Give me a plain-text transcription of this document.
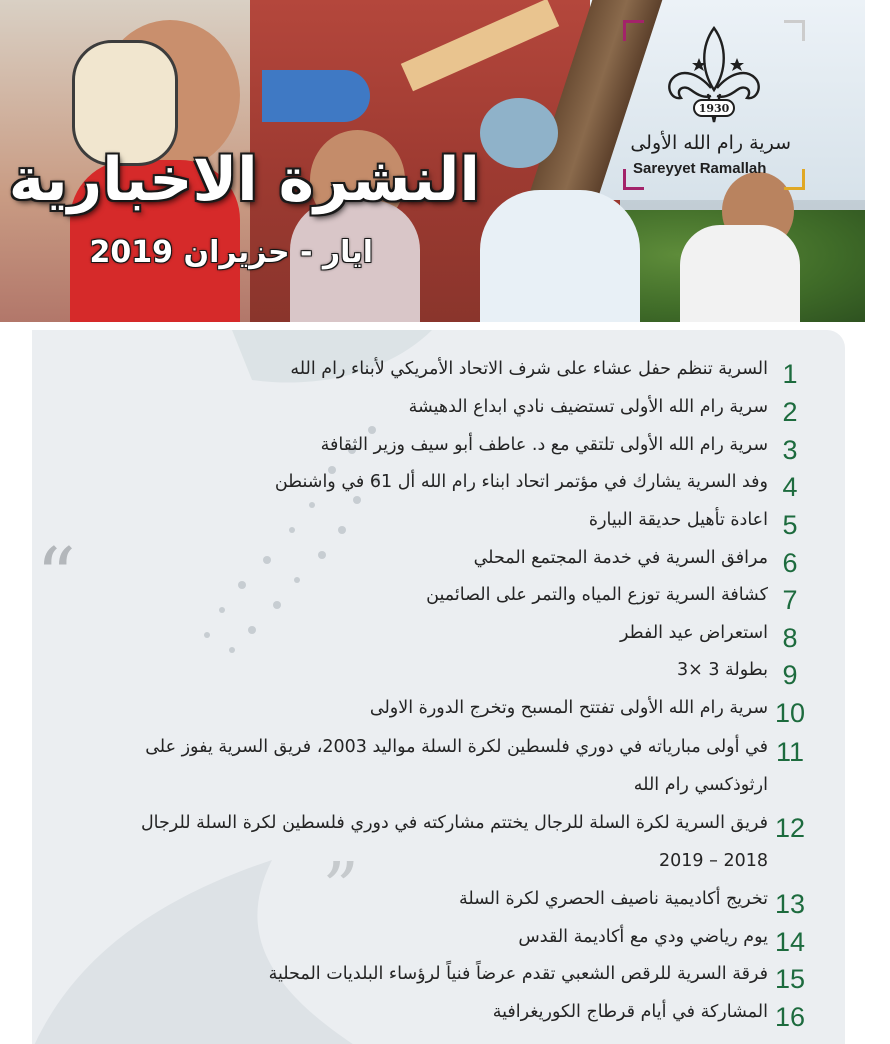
النشرة الاخبارية
ايار - حزيران 2019
1930
سرية رام الله الأولى
Sareyyet Ramallah
“
„
1
السرية تنظم حفل عشاء على شرف الاتحاد الأمريكي لأبناء رام الله
2
سرية رام الله الأولى تستضيف نادي ابداع الدهيشة
3
سرية رام الله الأولى تلتقي مع د. عاطف أبو سيف وزير الثقافة
4
وفد السرية يشارك في مؤتمر اتحاد ابناء رام الله أل 61 في واشنطن
5
اعادة تأهيل حديقة البيارة
6
مرافق السرية في خدمة المجتمع المحلي
7
كشافة السرية توزع المياه والتمر على الصائمين
8
استعراض عيد الفطر
9
بطولة 3 ×3
10
سرية رام الله الأولى تفتتح المسبح وتخرج الدورة الاولى
11
في أولى مبارياته في دوري فلسطين لكرة السلة مواليد 2003، فريق السرية يفوز على ارثوذكسي رام الله
12
فريق السرية لكرة السلة للرجال يختتم مشاركته في دوري فلسطين لكرة السلة للرجال 2018 – 2019
13
تخريج أكاديمية ناصيف الحصري لكرة السلة
14
يوم رياضي ودي مع أكاديمة القدس
15
فرقة السرية للرقص الشعبي تقدم عرضاً فنياً لرؤساء البلديات المحلية
16
المشاركة في أيام قرطاج الكوريغرافية
